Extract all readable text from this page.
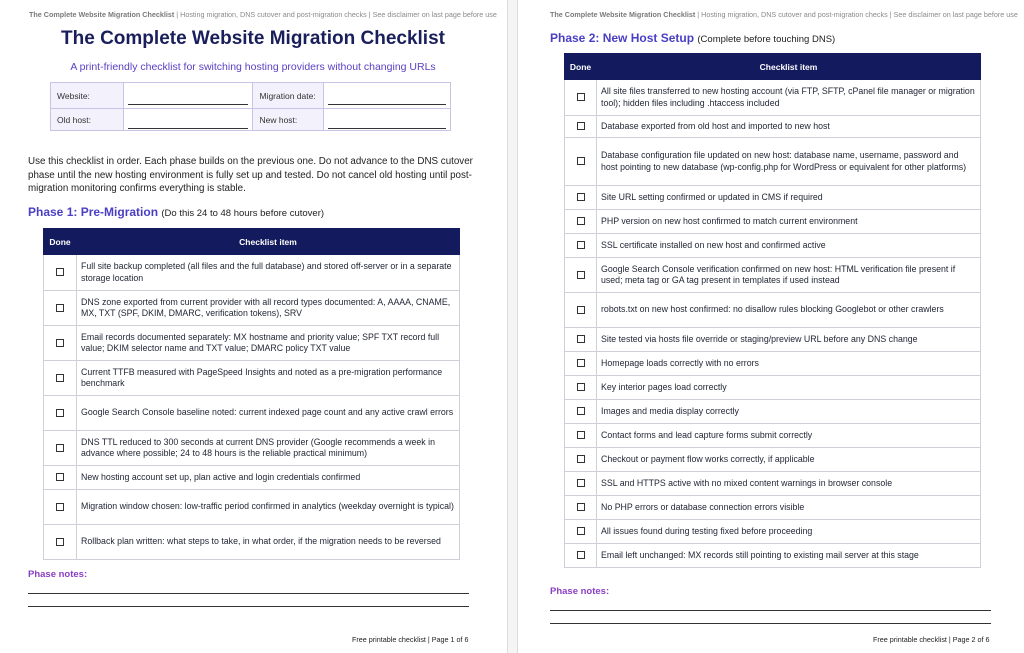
The Complete Website Migration Checklist | Hosting migration, DNS cutover and post-migration checks | See disclaimer on last page before use
The Complete Website Migration Checklist
A print-friendly checklist for switching hosting providers without changing URLs
Website:		Migration date:	

Old host:		New host:	
Use this checklist in order. Each phase builds on the previous one. Do not advance to the DNS cutover phase until the new hosting environment is fully set up and tested. Do not cancel old hosting until post-migration monitoring confirms everything is stable.
Phase 1: Pre-Migration (Do this 24 to 48 hours before cutover)
Done	Checklist item
	Full site backup completed (all files and the full database) and stored off-server or in a separate storage location
	DNS zone exported from current provider with all record types documented: A, AAAA, CNAME, MX, TXT (SPF, DKIM, DMARC, verification tokens), SRV
	Email records documented separately: MX hostname and priority value; SPF TXT record full value; DKIM selector name and TXT value; DMARC policy TXT value
	Current TTFB measured with PageSpeed Insights and noted as a pre-migration performance benchmark
	Google Search Console baseline noted: current indexed page count and any active crawl errors
	DNS TTL reduced to 300 seconds at current DNS provider (Google recommends a week in advance where possible; 24 to 48 hours is the reliable practical minimum)
	New hosting account set up, plan active and login credentials confirmed
	Migration window chosen: low-traffic period confirmed in analytics (weekday overnight is typical)
	Rollback plan written: what steps to take, in what order, if the migration needs to be reversed
Phase notes:
Free printable checklist | Page 1 of 6
The Complete Website Migration Checklist | Hosting migration, DNS cutover and post-migration checks | See disclaimer on last page before use
Phase 2: New Host Setup (Complete before touching DNS)
Done	Checklist item
	All site files transferred to new hosting account (via FTP, SFTP, cPanel file manager or migration tool); hidden files including .htaccess included
	Database exported from old host and imported to new host
	Database configuration file updated on new host: database name, username, password and host pointing to new database (wp-config.php for WordPress or equivalent for other platforms)
	Site URL setting confirmed or updated in CMS if required
	PHP version on new host confirmed to match current environment
	SSL certificate installed on new host and confirmed active
	Google Search Console verification confirmed on new host: HTML verification file present if used; meta tag or GA tag present in templates if used instead
	robots.txt on new host confirmed: no disallow rules blocking Googlebot or other crawlers
	Site tested via hosts file override or staging/preview URL before any DNS change
	Homepage loads correctly with no errors
	Key interior pages load correctly
	Images and media display correctly
	Contact forms and lead capture forms submit correctly
	Checkout or payment flow works correctly, if applicable
	SSL and HTTPS active with no mixed content warnings in browser console
	No PHP errors or database connection errors visible
	All issues found during testing fixed before proceeding
	Email left unchanged: MX records still pointing to existing mail server at this stage
Phase notes:
Free printable checklist | Page 2 of 6
